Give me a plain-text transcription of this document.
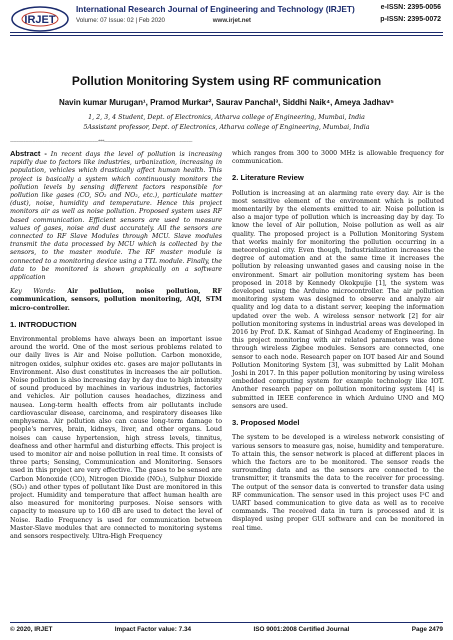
IRJET
International Research Journal of Engineering and Technology (IRJET)
Volume: 07 Issue: 02 | Feb 2020	www.irjet.net
e-ISSN: 2395-0056
p-ISSN: 2395-0072
Pollution Monitoring System using RF communication
Navin kumar Murugan¹, Pramod Murkar², Saurav Panchal³, Siddhi Naik⁴, Ameya Jadhav⁵
1, 2, 3, 4 Student, Dept. of Electronics, Atharva college of Engineering, Mumbai, India
5Assistant professor, Dept. of Electronics, Atharva college of Engineering, Mumbai, India
--------------------------------------------------------------------------***--------------------------------------------------------------------------

Abstract - In recent days the level of pollution is increasing rapidly due to factors like industries, urbanization, increasing in population, vehicles which drastically affect human health. This project is basically a system which continuously monitors the pollution levels by sensing different factors responsible for pollution like gases (CO, SO₂ and NO₂, etc.), particulate matter (dust), noise, humidity and temperature. Hence this project monitors air as well as noise pollution. Proposed system uses RF based communication. Efficient sensors are used to measure values of gases, noise and dust accurately. All the sensors are connected to RF Slave Modules through MCU. Slave modules transmit the data processed by MCU which is collected by the sensors, to the master module. The RF master module is connected to a monitoring device using a TTL module. Finally, the data to be monitored is shown graphically on a software application

Key Words: Air pollution, noise pollution, RF communication, sensors, pollution monitoring, AQI, STM micro-controller.

1. INTRODUCTION

Environmental problems have always been an important issue around the world. One of the most serious problems related to our daily lives is Air and Noise pollution. Carbon monoxide, nitrogen oxides, sulphur oxides etc. gases are major pollutants in Environment. Also dust constitutes in increases the air pollution. Noise pollution is also increasing day by day due to high intensity of sound produced by machines in various industries, factories and vehicles. Air pollution causes headaches, dizziness and nausea. Long-term health effects from air pollutants include cardiovascular disease, carcinoma, and respiratory diseases like emphysema. Air pollution also can cause long-term damage to people's nerves, brain, kidneys, liver, and other organs. Loud noises can cause hypertension, high stress levels, tinnitus, deafness and other harmful and disturbing effects. This project is used to monitor air and noise pollution in real time. It consists of three parts; Sensing, Communication and Monitoring. Sensors used in this project are very effective. The gases to be sensed are Carbon Monoxide (CO), Nitrogen Dioxide (NO₂), Sulphur Dioxide (SO₂) and other types of pollutant like Dust are monitored in this project. Humidity and temperature that affect human health are also measured for monitoring purposes. Noise sensors with capacity to measure up to 160 dB are used to detect the level of Noise. Radio Frequency is used for communication between Master-Slave modules that are connected to monitoring systems and sensors respectively. Ultra-High Frequency

which ranges from 300 to 3000 MHz is allowable frequency for communication.

2. Literature Review

Pollution is increasing at an alarming rate every day. Air is the most sensitive element of the environment which is polluted momentarily by the elements emitted to air. Noise pollution is also a major type of pollution which is increasing day by day. To know the level of Air pollution, Noise pollution as well as air quality. The proposed project is a Pollution Monitoring System that works mainly for monitoring the pollution occurring in a meteorological city. Even though, Industrialization increases the degree of automation and at the same time it increases the pollution by releasing unwanted gases and causing noise in the environment. Smart air pollution monitoring system has been proposed in 2018 by Kennedy Okokpujie [1], the system was developed using the Arduino microcontroller. The air pollution monitoring system was designed to observe and analyze air quality and log data to a distant server, keeping the information updated over the web. A wireless sensor network [2] for air pollution monitoring systems in industrial areas was developed in 2016 by Prof. D.K. Kamat of Sinhgad Academy of Engineering. In this project monitoring with air related parameters was done through wireless Zigbee modules. Sensors are connected, one sensor to each node. Research paper on IOT based Air and Sound Pollution Monitoring System [3], was submitted by Lalit Mohan Joshi in 2017. In this paper pollution monitoring by using wireless embedded computing system for example technology like IOT. Another research paper on pollution monitoring system [4] is submitted in IEEE conference in which Arduino UNO and MQ sensors are used.

3. Proposed Model

The system to be developed is a wireless network consisting of various sensors to measure gas, noise, humidity and temperature. To attain this, the sensor network is placed at different places in which the factors are to be monitored. The sensor reads the surrounding data and as the sensors are connected to the transmitter, it transmits the data to the receiver for processing. The output of the sensor data is converted to transfer data using RF communication. The sensor used in this project uses I²C and UART based communication to give data as well as to receive commands. The received data in turn is processed and it is displayed using proper GUI software and can be monitored in real time.

© 2020, IRJET	Impact Factor value: 7.34	ISO 9001:2008 Certified Journal	Page 2479
